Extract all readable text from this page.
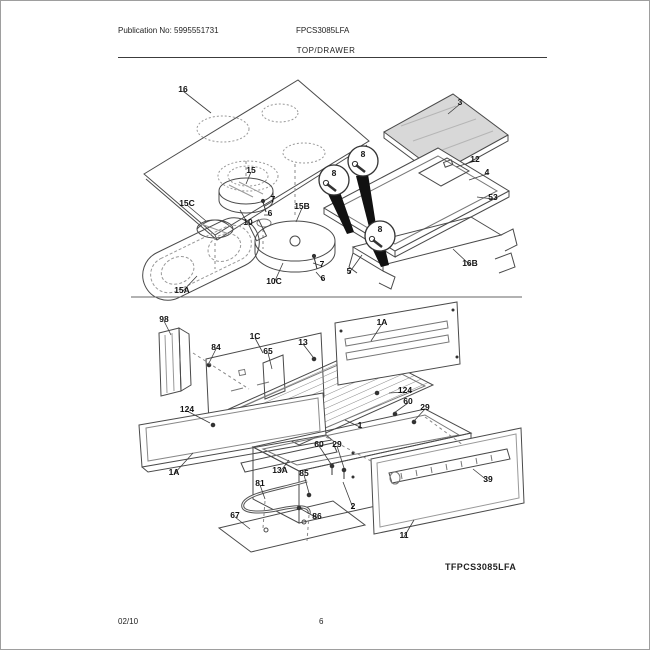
Publication No: 5995551731	FPCS3085LFA
TOP/DRAWER
16
15
7
6
15C
10
15B
10C
7
6
15A
3
8
8
8
12
4
53
5
16B
98
84
1C
65
13
1A
124
60
29
124
1
60 29
13A 85
81
86
67
2
11
39
1A
TFPCS3085LFA
02/10	6
